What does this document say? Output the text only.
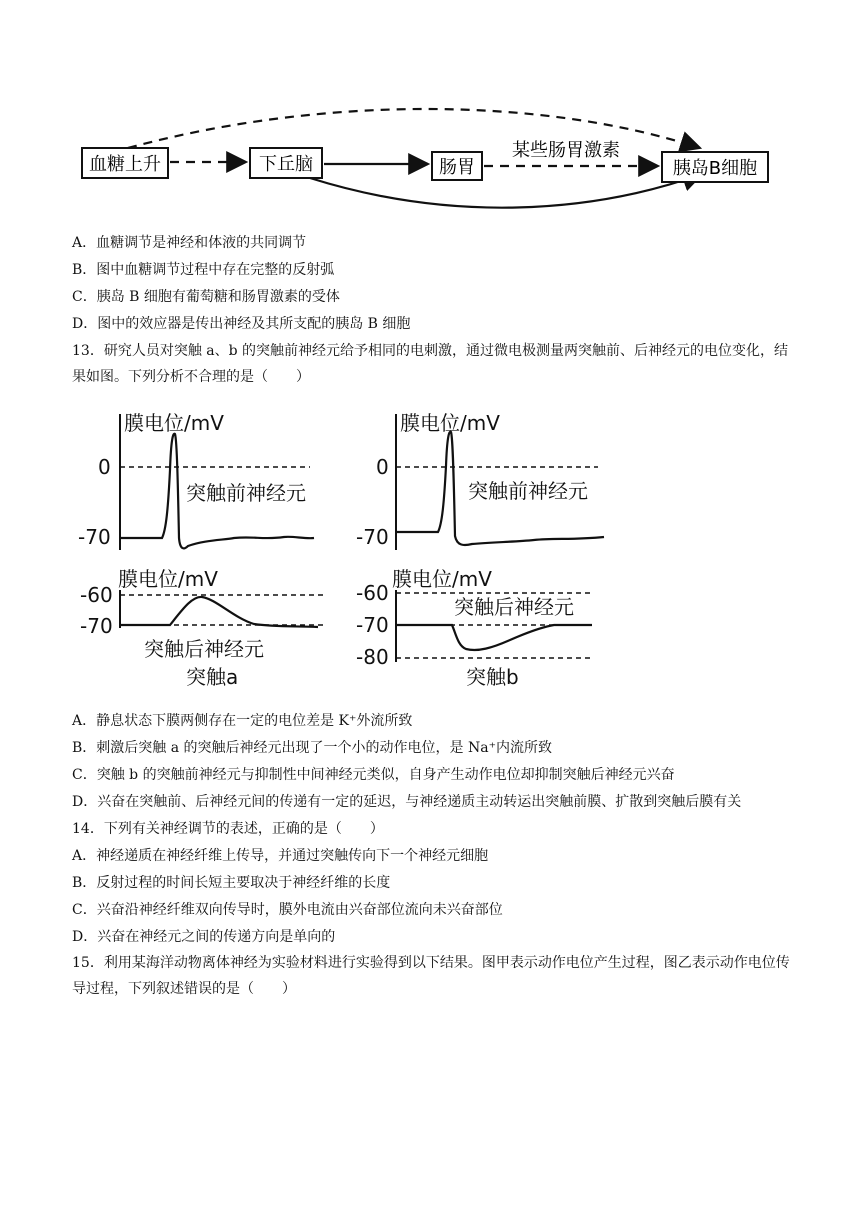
血糖上升	下丘脑	肠胃	胰岛B细胞
某些肠胃激素
A．血糖调节是神经和体液的共同调节
B．图中血糖调节过程中存在完整的反射弧
C．胰岛 B 细胞有葡萄糖和肠胃激素的受体
D．图中的效应器是传出神经及其所支配的胰岛 B 细胞
13．研究人员对突触 a、b 的突触前神经元给予相同的电刺激，通过微电极测量两突触前、后神经元的电位变化，结果如图。下列分析不合理的是（　　）
膜电位/mV
0
-70
突触前神经元
膜电位/mV
-60
-70
突触后神经元
突触a
膜电位/mV
0
-70
突触前神经元
膜电位/mV
-60
-70
-80
突触后神经元
突触b
A．静息状态下膜两侧存在一定的电位差是 K⁺外流所致
B．刺激后突触 a 的突触后神经元出现了一个小的动作电位，是 Na⁺内流所致
C．突触 b 的突触前神经元与抑制性中间神经元类似，自身产生动作电位却抑制突触后神经元兴奋
D．兴奋在突触前、后神经元间的传递有一定的延迟，与神经递质主动转运出突触前膜、扩散到突触后膜有关
14．下列有关神经调节的表述，正确的是（　　）
A．神经递质在神经纤维上传导，并通过突触传向下一个神经元细胞
B．反射过程的时间长短主要取决于神经纤维的长度
C．兴奋沿神经纤维双向传导时，膜外电流由兴奋部位流向未兴奋部位
D．兴奋在神经元之间的传递方向是单向的
15．利用某海洋动物离体神经为实验材料进行实验得到以下结果。图甲表示动作电位产生过程，图乙表示动作电位传导过程，下列叙述错误的是（　　）
